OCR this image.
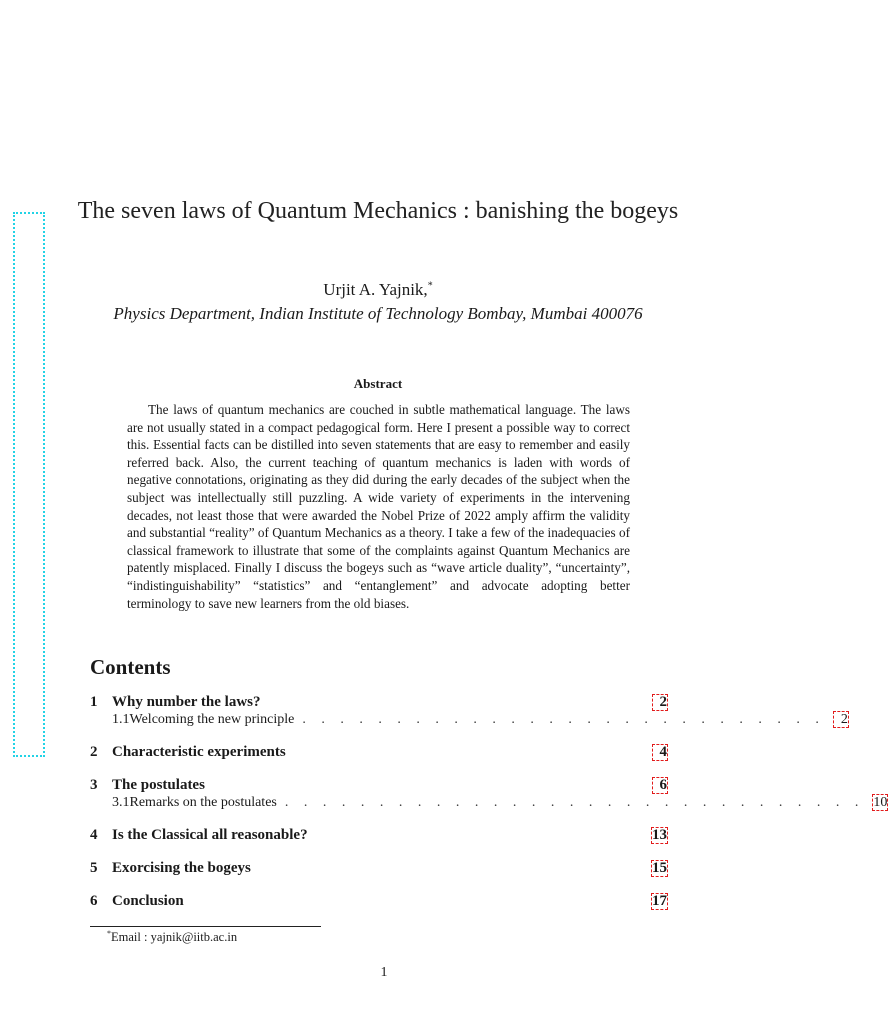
The seven laws of Quantum Mechanics : banishing the bogeys
Urjit A. Yajnik,*
Physics Department, Indian Institute of Technology Bombay, Mumbai 400076
Abstract
The laws of quantum mechanics are couched in subtle mathematical language. The laws are not usually stated in a compact pedagogical form. Here I present a possible way to correct this. Essential facts can be distilled into seven statements that are easy to remember and easily referred back. Also, the current teaching of quantum mechanics is laden with words of negative connotations, originating as they did during the early decades of the subject when the subject was intellectually still puzzling. A wide variety of experiments in the intervening decades, not least those that were awarded the Nobel Prize of 2022 amply affirm the validity and substantial “reality” of Quantum Mechanics as a theory. I take a few of the inadequacies of classical framework to illustrate that some of the complaints against Quantum Mechanics are patently misplaced. Finally I discuss the bogeys such as “wave article duality”, “uncertainty”, “indistinguishability” “statistics” and “entanglement” and advocate adopting better terminology to save new learners from the old biases.
Contents
1 Why number the laws?	2
1.1 Welcoming the new principle . . . . . . . . . . . . . . . . . . . . . . . . . . . .	2
2 Characteristic experiments	4
3 The postulates	6
3.1 Remarks on the postulates . . . . . . . . . . . . . . . . . . . . . . . . . . . . . . . 10
4 Is the Classical all reasonable?	13
5 Exorcising the bogeys	15
6 Conclusion	17
*Email : yajnik@iitb.ac.in
1
